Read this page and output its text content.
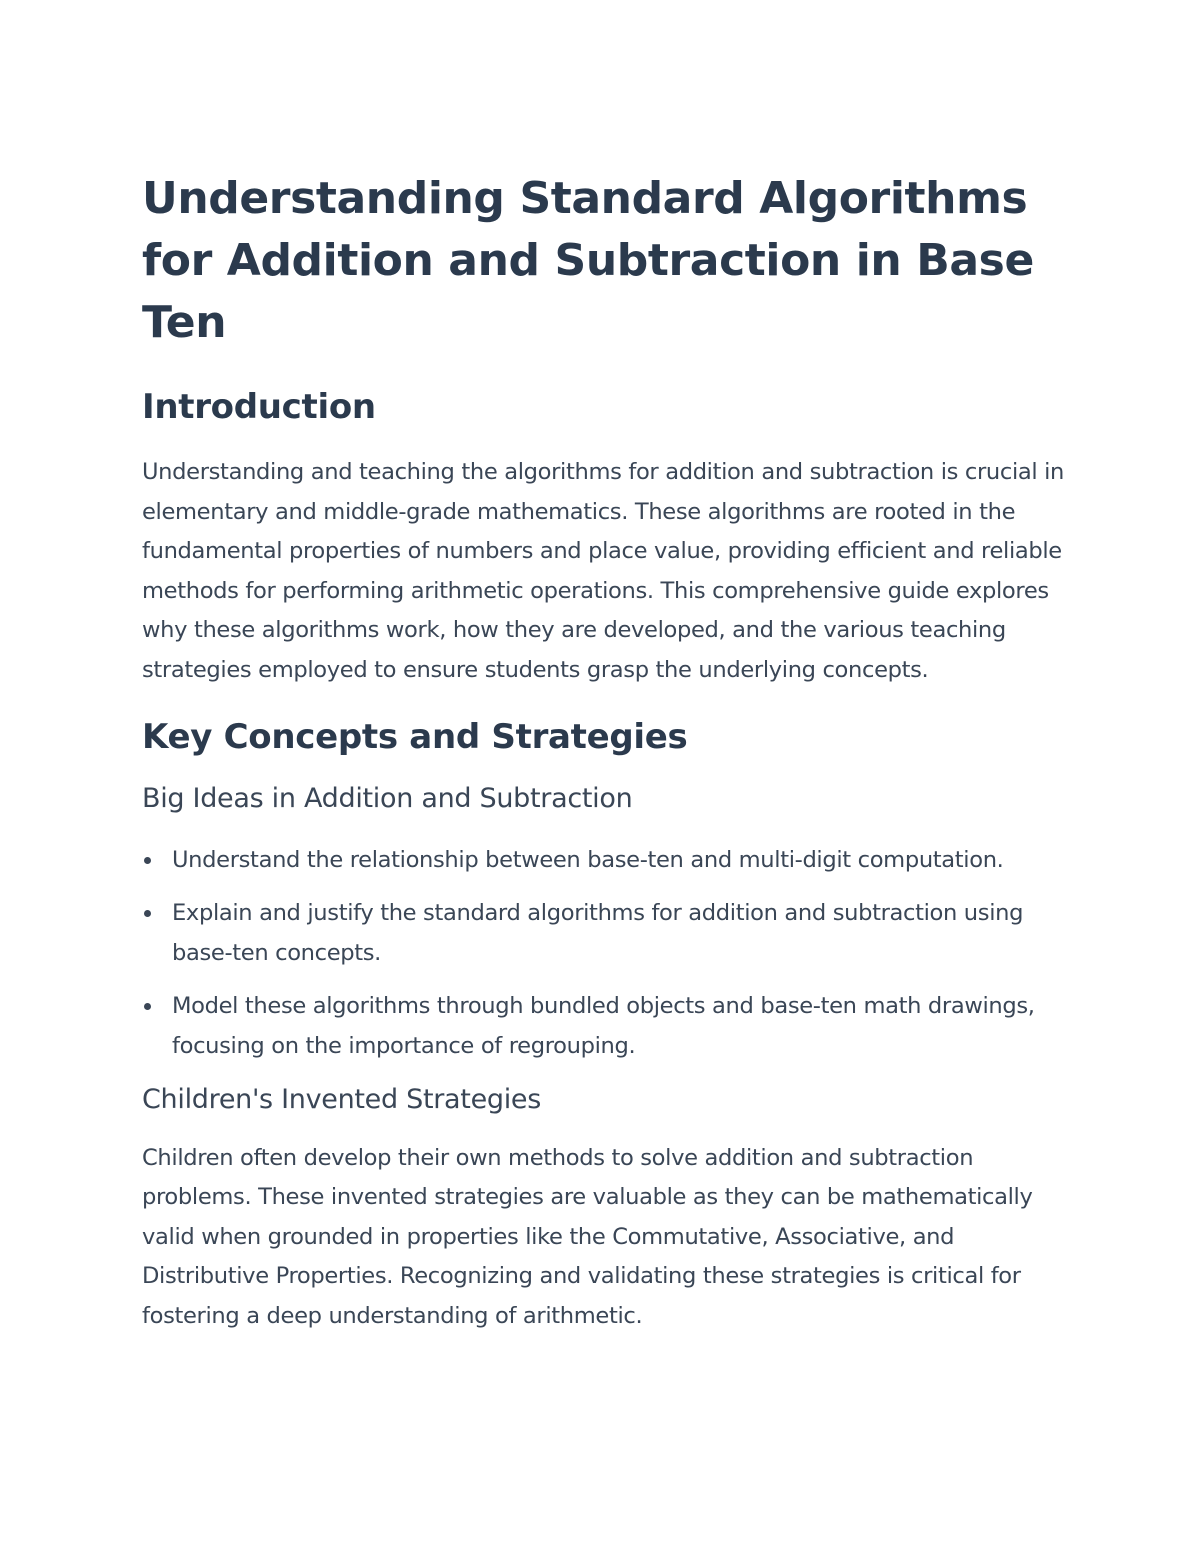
Understanding Standard Algorithms for Addition and Subtraction in Base Ten
Introduction

Understanding and teaching the algorithms for addition and subtraction is crucial in elementary and middle-grade mathematics. These algorithms are rooted in the fundamental properties of numbers and place value, providing efficient and reliable methods for performing arithmetic operations. This comprehensive guide explores why these algorithms work, how they are developed, and the various teaching strategies employed to ensure students grasp the underlying concepts.

Key Concepts and Strategies
Big Ideas in Addition and Subtraction
Understand the relationship between base-ten and multi-digit computation.
Explain and justify the standard algorithms for addition and subtraction using base-ten concepts.
Model these algorithms through bundled objects and base-ten math drawings, focusing on the importance of regrouping.
Children's Invented Strategies

Children often develop their own methods to solve addition and subtraction problems. These invented strategies are valuable as they can be mathematically valid when grounded in properties like the Commutative, Associative, and Distributive Properties. Recognizing and validating these strategies is critical for fostering a deep understanding of arithmetic.
